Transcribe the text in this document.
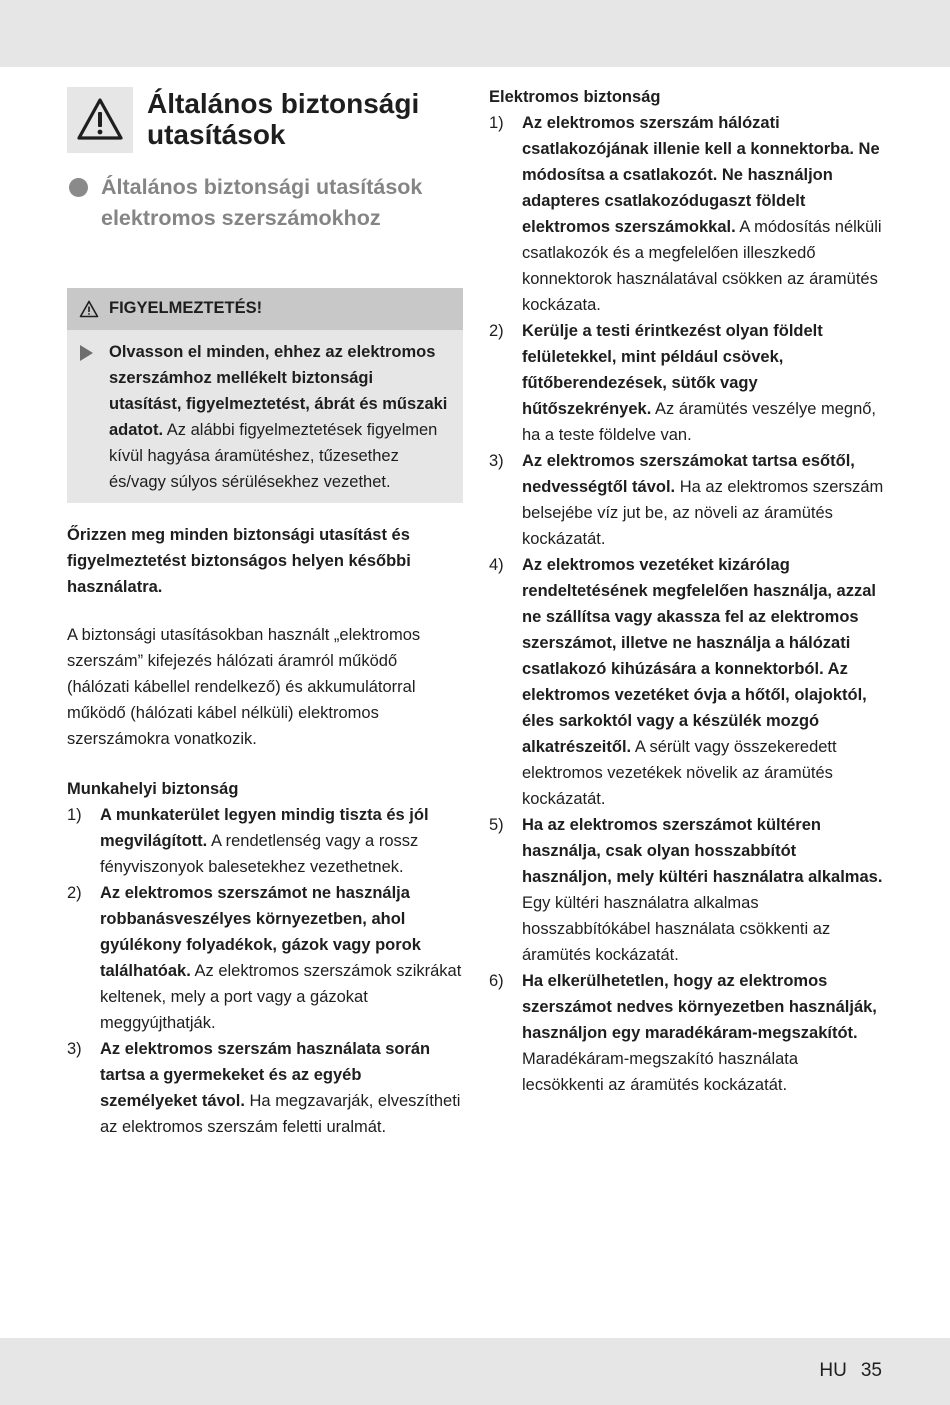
Általános biztonsági utasítások
Általános biztonsági utasítások elektromos szerszámokhoz
FIGYELMEZTETÉS!
Olvasson el minden, ehhez az elektromos szerszámhoz mellékelt biztonsági utasítást, figyelmeztetést, ábrát és műszaki adatot. Az alábbi figyelmeztetések figyelmen kívül hagyása áramütéshez, tűzesethez és/vagy súlyos sérülésekhez vezethet.

Őrizzen meg minden biztonsági utasítást és figyelmeztetést biztonságos helyen későbbi használatra.

A biztonsági utasításokban használt „elektromos szerszám” kifejezés hálózati áramról működő (hálózati kábellel rendelkező) és akkumulátorral működő (hálózati kábel nélküli) elektromos szerszámokra vonatkozik.

Munkahelyi biztonság
1) A munkaterület legyen mindig tiszta és jól megvilágított. A rendetlenség vagy a rossz fényviszonyok balesetekhez vezethetnek.
2) Az elektromos szerszámot ne használja robbanásveszélyes környezetben, ahol gyúlékony folyadékok, gázok vagy porok találhatóak. Az elektromos szerszámok szikrákat keltenek, mely a port vagy a gázokat meggyújthatják.
3) Az elektromos szerszám használata során tartsa a gyermekeket és az egyéb személyeket távol. Ha megzavarják, elveszítheti az elektromos szerszám feletti uralmát.
Elektromos biztonság
1) Az elektromos szerszám hálózati csatlakozójának illenie kell a konnektorba. Ne módosítsa a csatlakozót. Ne használjon adapteres csatlakozódugaszt földelt elektromos szerszámokkal. A módosítás nélküli csatlakozók és a megfelelően illeszkedő konnektorok használatával csökken az áramütés kockázata.
2) Kerülje a testi érintkezést olyan földelt felületekkel, mint például csövek, fűtőberendezések, sütők vagy hűtőszekrények. Az áramütés veszélye megnő, ha a teste földelve van.
3) Az elektromos szerszámokat tartsa esőtől, nedvességtől távol. Ha az elektromos szerszám belsejébe víz jut be, az növeli az áramütés kockázatát.
4) Az elektromos vezetéket kizárólag rendeltetésének megfelelően használja, azzal ne szállítsa vagy akassza fel az elektromos szerszámot, illetve ne használja a hálózati csatlakozó kihúzására a konnektorból. Az elektromos vezetéket óvja a hőtől, olajoktól, éles sarkoktól vagy a készülék mozgó alkatrészeitől. A sérült vagy összekeredett elektromos vezetékek növelik az áramütés kockázatát.
5) Ha az elektromos szerszámot kültéren használja, csak olyan hosszabbítót használjon, mely kültéri használatra alkalmas. Egy kültéri használatra alkalmas hosszabbítókábel használata csökkenti az áramütés kockázatát.
6) Ha elkerülhetetlen, hogy az elektromos szerszámot nedves környezetben használják, használjon egy maradékáram-megszakítót. Maradékáram-megszakító használata lecsökkenti az áramütés kockázatát.
HU 35
